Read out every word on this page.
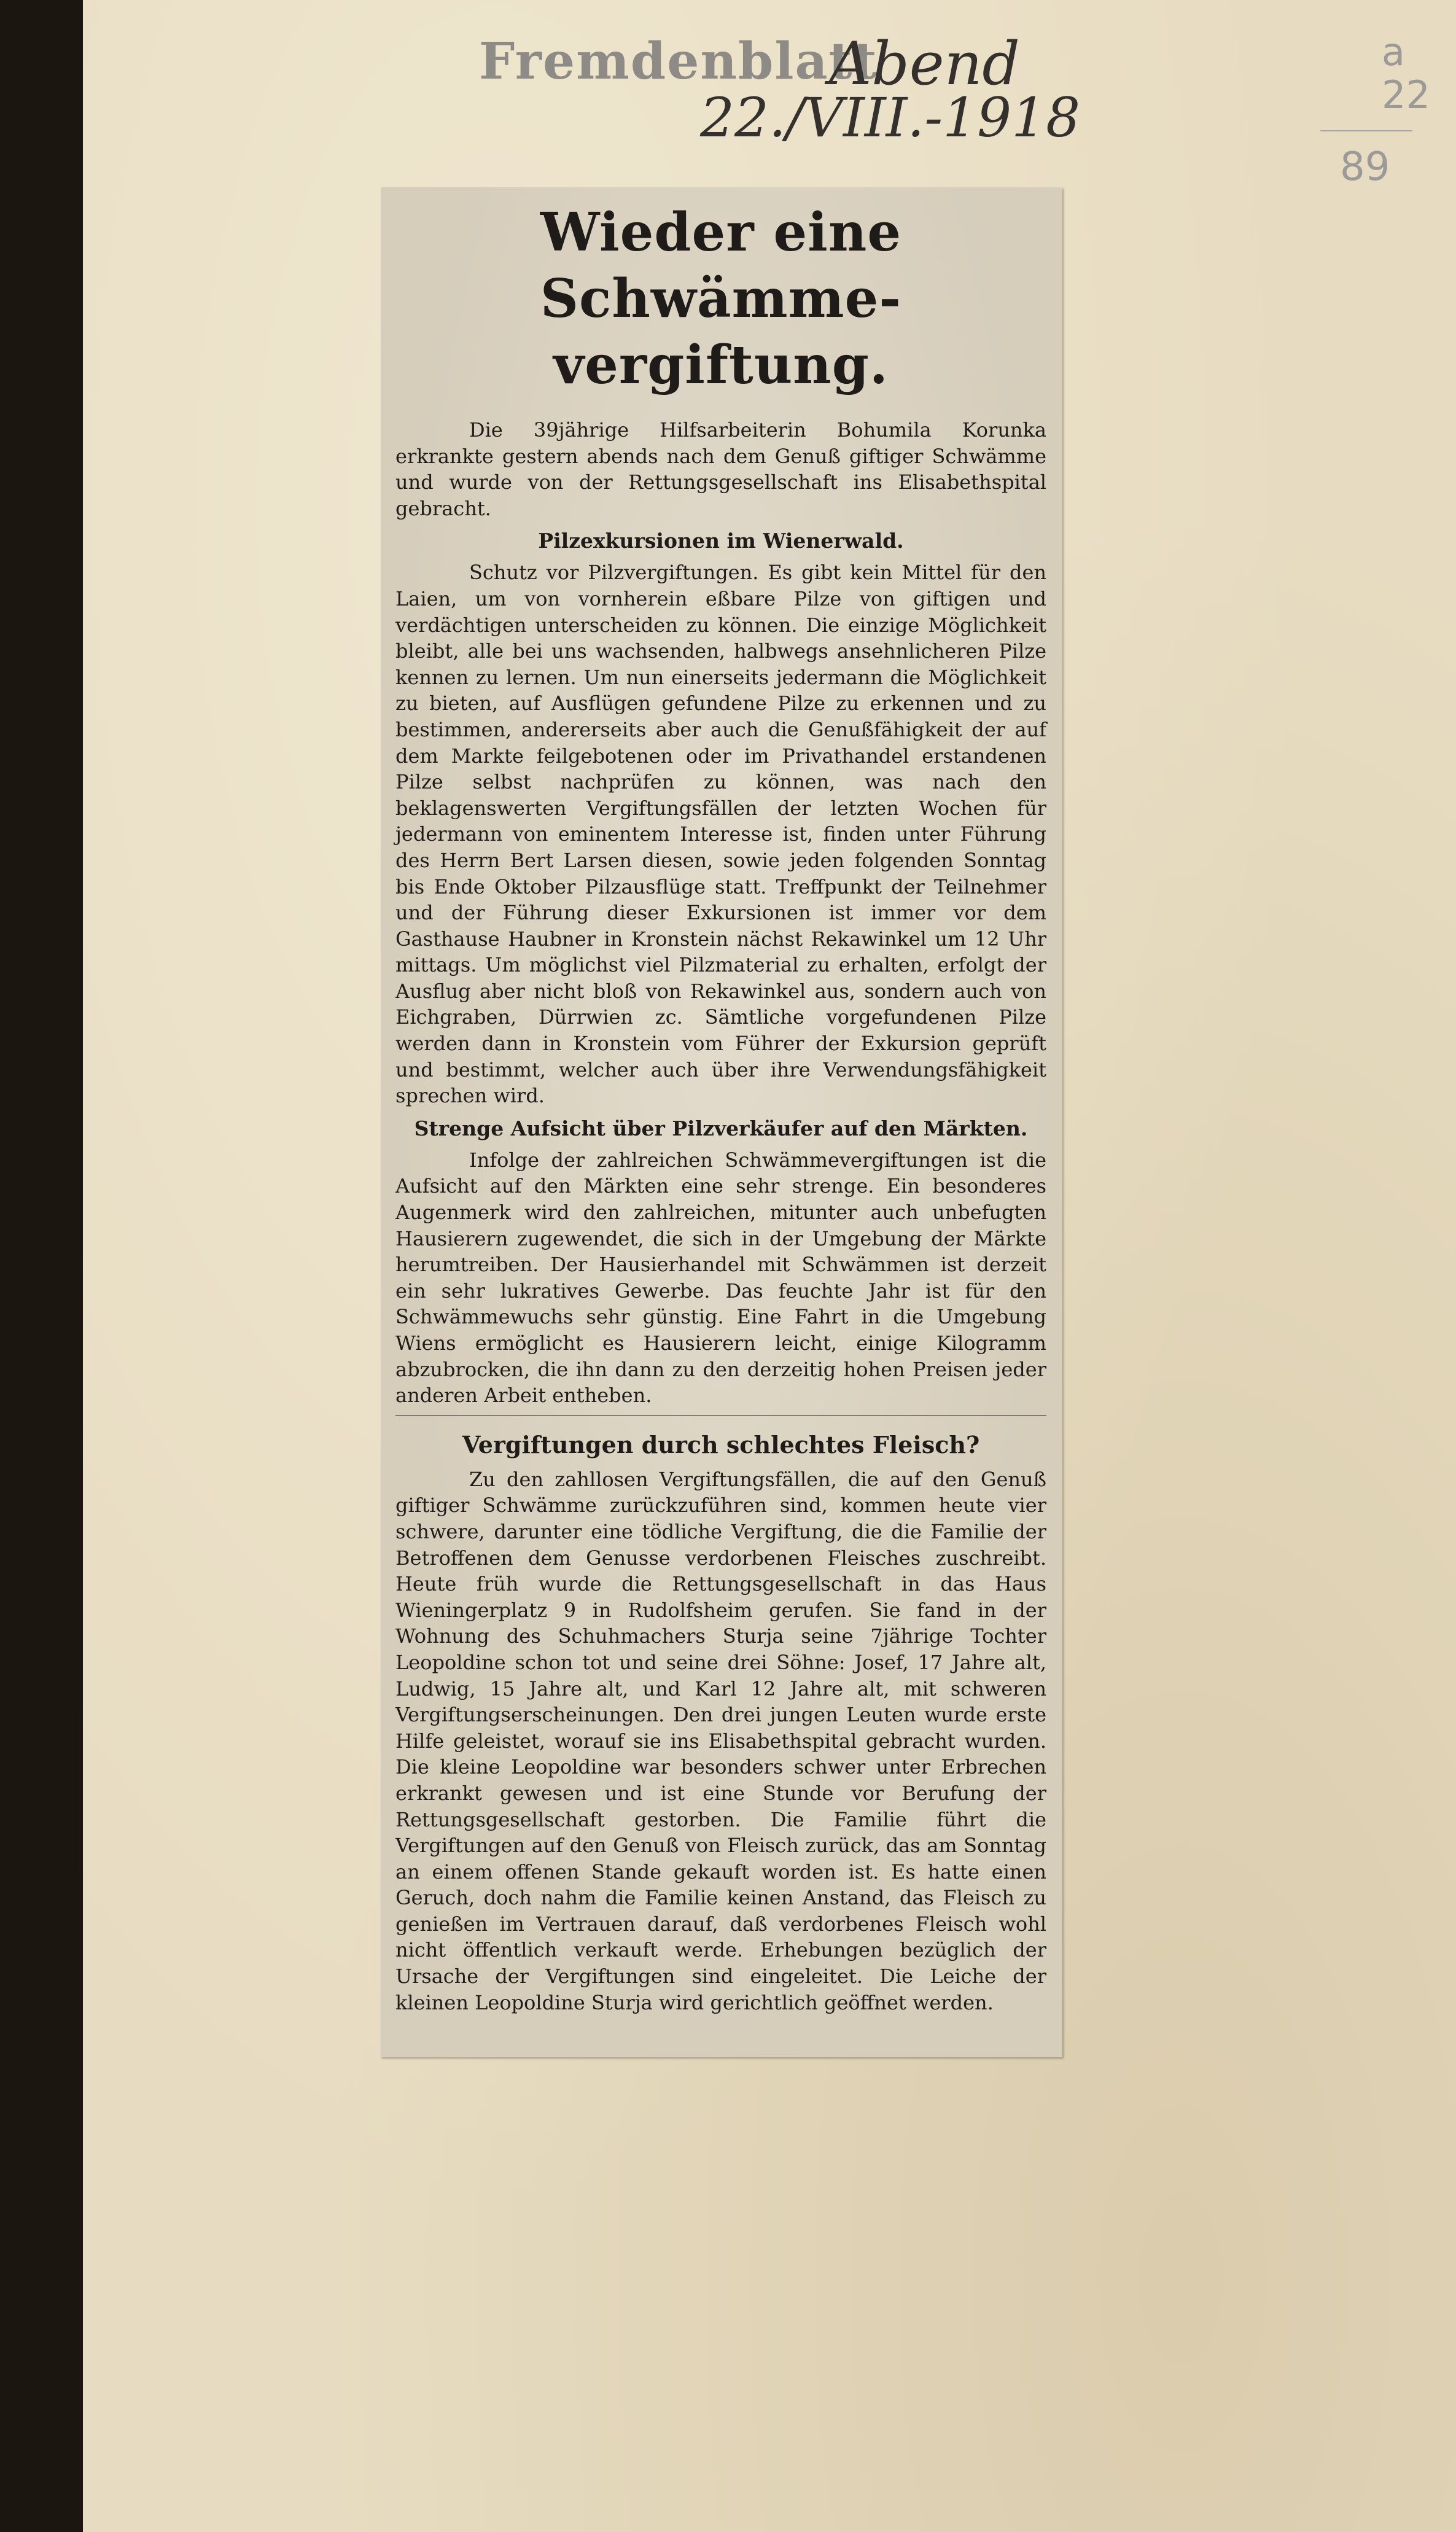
Fremdenblatt
Abend
22./VIII.-1918
a
22
89
Wieder eine Schwämme-vergiftung.

Die 39jährige Hilfsarbeiterin Bohumila Korunka erkrankte gestern abends nach dem Genuß giftiger Schwämme und wurde von der Rettungsgesellschaft ins Elisabethspital gebracht.

Pilzexkursionen im Wienerwald.

Schutz vor Pilzvergiftungen. Es gibt kein Mittel für den Laien, um von vornherein eßbare Pilze von giftigen und verdächtigen unterscheiden zu können. Die einzige Möglichkeit bleibt, alle bei uns wachsenden, halbwegs ansehnlicheren Pilze kennen zu lernen. Um nun einerseits jedermann die Möglichkeit zu bieten, auf Ausflügen gefundene Pilze zu erkennen und zu bestimmen, andererseits aber auch die Genußfähigkeit der auf dem Markte feilgebotenen oder im Privathandel erstandenen Pilze selbst nachprüfen zu können, was nach den beklagenswerten Vergiftungsfällen der letzten Wochen für jedermann von eminentem Interesse ist, finden unter Führung des Herrn Bert Larsen diesen, sowie jeden folgenden Sonntag bis Ende Oktober Pilzausflüge statt. Treffpunkt der Teilnehmer und der Führung dieser Exkursionen ist immer vor dem Gasthause Haubner in Kronstein nächst Rekawinkel um 12 Uhr mittags. Um möglichst viel Pilzmaterial zu erhalten, erfolgt der Ausflug aber nicht bloß von Rekawinkel aus, sondern auch von Eichgraben, Dürrwien zc. Sämtliche vorgefundenen Pilze werden dann in Kronstein vom Führer der Exkursion geprüft und bestimmt, welcher auch über ihre Verwendungsfähigkeit sprechen wird.

Strenge Aufsicht über Pilzverkäufer auf den Märkten.

Infolge der zahlreichen Schwämmevergiftungen ist die Aufsicht auf den Märkten eine sehr strenge. Ein besonderes Augenmerk wird den zahlreichen, mitunter auch unbefugten Hausierern zugewendet, die sich in der Umgebung der Märkte herumtreiben. Der Hausierhandel mit Schwämmen ist derzeit ein sehr lukratives Gewerbe. Das feuchte Jahr ist für den Schwämmewuchs sehr günstig. Eine Fahrt in die Umgebung Wiens ermöglicht es Hausierern leicht, einige Kilogramm abzubrocken, die ihn dann zu den derzeitig hohen Preisen jeder anderen Arbeit entheben.

Vergiftungen durch schlechtes Fleisch?

Zu den zahllosen Vergiftungsfällen, die auf den Genuß giftiger Schwämme zurückzuführen sind, kommen heute vier schwere, darunter eine tödliche Vergiftung, die die Familie der Betroffenen dem Genusse verdorbenen Fleisches zuschreibt. Heute früh wurde die Rettungsgesellschaft in das Haus Wieningerplatz 9 in Rudolfsheim gerufen. Sie fand in der Wohnung des Schuhmachers Sturja seine 7jährige Tochter Leopoldine schon tot und seine drei Söhne: Josef, 17 Jahre alt, Ludwig, 15 Jahre alt, und Karl 12 Jahre alt, mit schweren Vergiftungserscheinungen. Den drei jungen Leuten wurde erste Hilfe geleistet, worauf sie ins Elisabethspital gebracht wurden. Die kleine Leopoldine war besonders schwer unter Erbrechen erkrankt gewesen und ist eine Stunde vor Berufung der Rettungsgesellschaft gestorben. Die Familie führt die Vergiftungen auf den Genuß von Fleisch zurück, das am Sonntag an einem offenen Stande gekauft worden ist. Es hatte einen Geruch, doch nahm die Familie keinen Anstand, das Fleisch zu genießen im Vertrauen darauf, daß verdorbenes Fleisch wohl nicht öffentlich verkauft werde. Erhebungen bezüglich der Ursache der Vergiftungen sind eingeleitet. Die Leiche der kleinen Leopoldine Sturja wird gerichtlich geöffnet werden.
